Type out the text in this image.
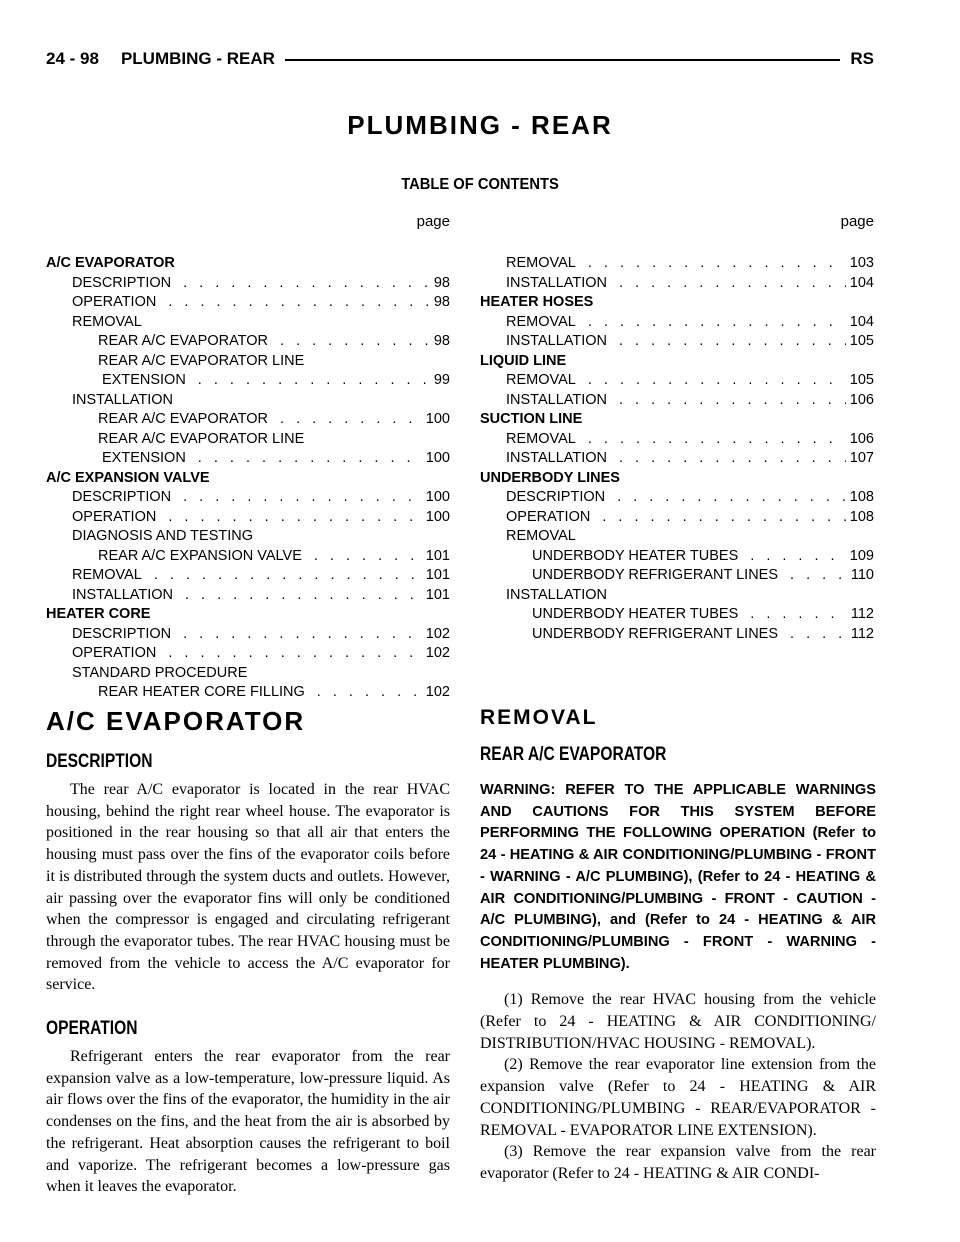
24 - 98 PLUMBING - REAR	RS
PLUMBING - REAR
TABLE OF CONTENTS
page	page
A/C EVAPORATOR
DESCRIPTION . . .	98
OPERATION . . .	98
REMOVAL
REAR A/C EVAPORATOR . . .	98
REAR A/C EVAPORATOR LINE
EXTENSION . . .	99
INSTALLATION
REAR A/C EVAPORATOR . . .	100
REAR A/C EVAPORATOR LINE
EXTENSION . . .	100
A/C EXPANSION VALVE
DESCRIPTION . . .	100
OPERATION . . .	100
DIAGNOSIS AND TESTING
REAR A/C EXPANSION VALVE . . .	101
REMOVAL . . .	101
INSTALLATION . . .	101
HEATER CORE
DESCRIPTION . . .	102
OPERATION . . .	102
STANDARD PROCEDURE
REAR HEATER CORE FILLING . . .	102
REMOVAL . . .	103
INSTALLATION . . .	104
HEATER HOSES
REMOVAL . . .	104
INSTALLATION . . .	105
LIQUID LINE
REMOVAL . . .	105
INSTALLATION . . .	106
SUCTION LINE
REMOVAL . . .	106
INSTALLATION . . .	107
UNDERBODY LINES
DESCRIPTION . . .	108
OPERATION . . .	108
REMOVAL
UNDERBODY HEATER TUBES . . .	109
UNDERBODY REFRIGERANT LINES . . .	110
INSTALLATION
UNDERBODY HEATER TUBES . . .	112
UNDERBODY REFRIGERANT LINES . . .	112
A/C EVAPORATOR
DESCRIPTION

The rear A/C evaporator is located in the rear HVAC housing, behind the right rear wheel house. The evaporator is positioned in the rear housing so that all air that enters the housing must pass over the fins of the evaporator coils before it is distributed through the system ducts and outlets. However, air passing over the evaporator fins will only be conditioned when the compressor is engaged and circulating refrigerant through the evaporator tubes. The rear HVAC housing must be removed from the vehicle to access the A/C evaporator for service.

OPERATION

Refrigerant enters the rear evaporator from the rear expansion valve as a low-temperature, low-pressure liquid. As air flows over the fins of the evaporator, the humidity in the air condenses on the fins, and the heat from the air is absorbed by the refrigerant. Heat absorption causes the refrigerant to boil and vaporize. The refrigerant becomes a low-pressure gas when it leaves the evaporator.

REMOVAL
REAR A/C EVAPORATOR

WARNING: REFER TO THE APPLICABLE WARNINGS AND CAUTIONS FOR THIS SYSTEM BEFORE PERFORMING THE FOLLOWING OPERATION (Refer to 24 - HEATING & AIR CONDITIONING/PLUMBING - FRONT - WARNING - A/C PLUMBING), (Refer to 24 - HEATING & AIR CONDITIONING/PLUMBING - FRONT - CAUTION - A/C PLUMBING), and (Refer to 24 - HEATING & AIR CONDITIONING/PLUMBING - FRONT - WARNING - HEATER PLUMBING).

(1) Remove the rear HVAC housing from the vehicle (Refer to 24 - HEATING & AIR CONDITIONING/ DISTRIBUTION/HVAC HOUSING - REMOVAL).

(2) Remove the rear evaporator line extension from the expansion valve (Refer to 24 - HEATING & AIR CONDITIONING/PLUMBING - REAR/EVAPORATOR - REMOVAL - EVAPORATOR LINE EXTENSION).

(3) Remove the rear expansion valve from the rear evaporator (Refer to 24 - HEATING & AIR CONDI-
